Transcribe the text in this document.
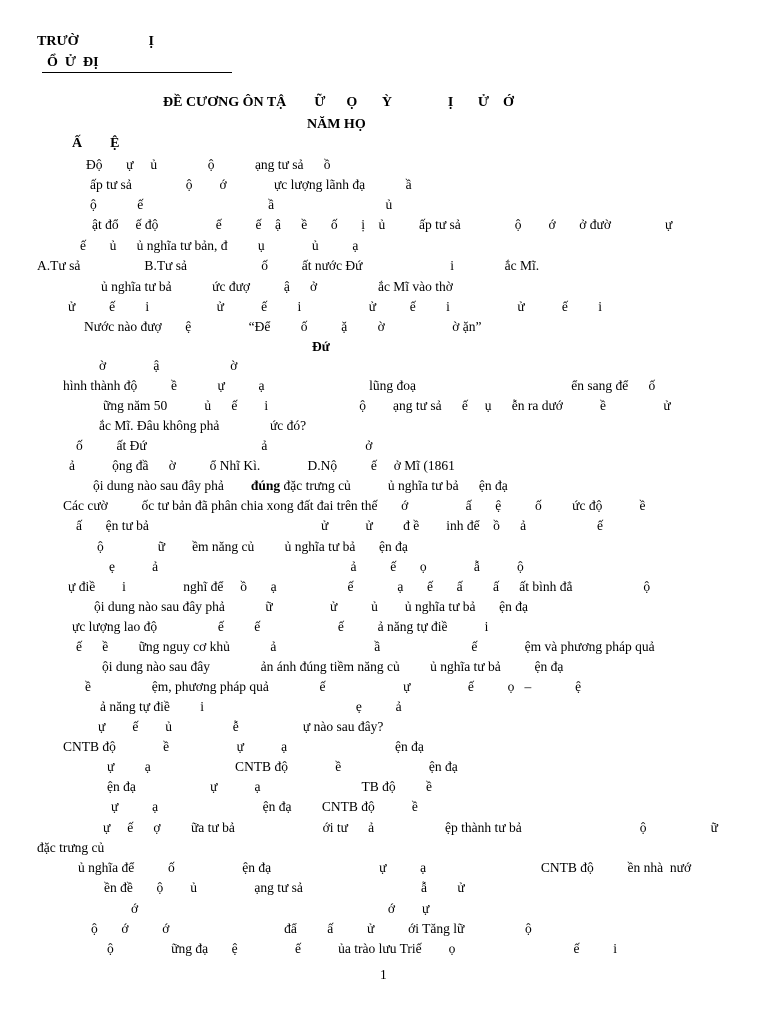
TRƯỜ                    Ị
Ổ  Ử  ĐỊ
ĐỀ CƯƠNG ÔN TẬ        Ữ      Ọ       Ỳ                Ị       Ử    Ớ
NĂM HỌ
Ấ        Ệ
Độ       ự     ủ               ộ            ạng tư sả      ồ
ấp tư sả                ộ        ớ              ực lượng lãnh đạ            ầ
ộ            ế                                     ầ                                 ủ
ật đổ     ế độ                 ế          ế    ậ      ề       ố       ị    ủ          ấp tư sả                ộ        ớ       ở đườ                ự
ế       ủ      ủ nghĩa tư bản, đ         ụ              ủ          ạ
A.Tư sả                   B.Tư sả                      ố          ất nước Đứ                          i               ắc Mĩ.
ủ nghĩa tư bả            ức đượ          ậ      ở                  ắc Mĩ vào thờ
ử          ế         i                    ử           ế         i                    ử          ế         i                    ử           ế         i
Nước nào đượ       ệ                 “Để         ố          ặ         ờ                    ờ ặn”
Đứ
ờ              ậ                     ờ
hình thành độ          ề            ự          ạ                               lũng đoạ                                              ển sang để      ố
ững năm 50           ủ      ế        i                           ộ        ạng tư sả      ế     ụ      ễn ra dướ           ề                 ử
ắc Mĩ. Đâu không phả               ức đó?
ố          ất Đứ                                  ả                             ở
ả           ộng đầ      ờ          ổ Nhĩ Kì.              D.Nộ          ế     ở Mĩ (1861
ội dung nào sau đây phả đúng đặc trưng củ           ủ nghĩa tư bả      ện đạ
Các cườ          ốc tư bản đã phân chia xong đất đai trên thế       ớ                 ấ       ệ          ố         ức độ           ề
ấ       ện tư bả                                                   ử           ử         đ ề        inh để    ồ      ả                     ế
ộ                ữ        ềm năng củ         ủ nghĩa tư bả       ện đạ
ẹ           ả                                                         ả          ế       ọ              ẫ           ộ
ự điề        i                 nghĩ để     ồ       ạ                     ế             ạ       ế       ấ         ấ      ất bình đẳ                     ộ
ội dung nào sau đây phả            ữ                 ử          ủ        ủ nghĩa tư bả       ện đạ
ực lượng lao độ                  ế         ế                       ế          ả năng tự điề           i
ế      ề         ững nguy cơ khủ            ả                             ầ                           ế              ệm và phương pháp quả
ội dung nào sau đây               ản ánh đúng tiềm năng củ         ủ nghĩa tư bả          ện đạ
ề                  ệm, phương pháp quả               ế                       ự                 ế          ọ   –             ệ
ả năng tự điề         i                                             ẹ          ả
ự        ế        ủ                  ễ                   ự nào sau đây?
CNTB độ              ề                    ự           ạ                                ện đạ
ự         ạ                         CNTB độ              ề                          ện đạ
ện đạ                      ự           ạ                              TB độ         ề
ự          ạ                               ện đạ         CNTB độ           ề
ự     ế      ợ         ữa tư bả                          ới tư      ả                     ệp thành tư bả                                   ộ                   ữ
đặc trưng củ
ủ nghĩa để          ố                    ện đạ                                ự          ạ                                  CNTB độ          ền nhà  nướ
ền đề       ộ        ủ                 ạng tư sả                                   ẫ         ử
ớ                                                                          ớ        ự
ộ       ớ          ớ                                  đẩ         ấ          ử          ới Tăng lữ                  ộ
ộ                 ững đạ       ệ                 ế           ủa trào lưu Triế        ọ                                   ế          i
1
